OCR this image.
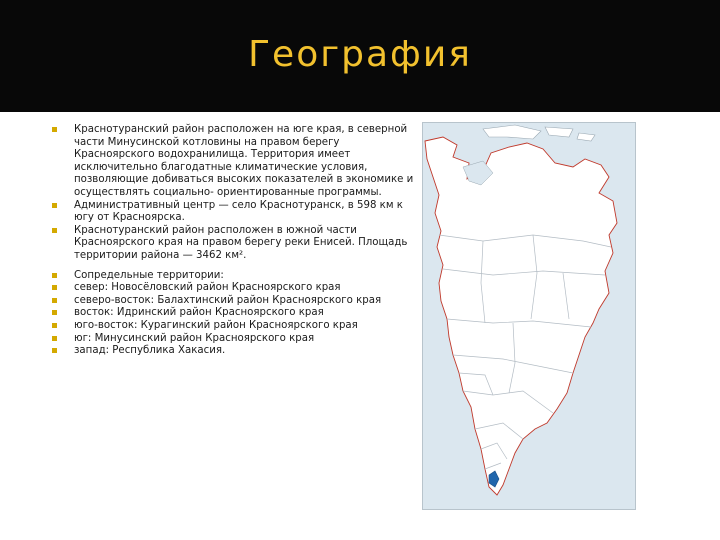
География
Краснотуранский район расположен на юге края, в северной части Минусинской котловины на правом берегу Красноярского водохранилища. Территория имеет исключительно благодатные климатические условия, позволяющие добиваться высоких показателей в экономике и осуществлять социально- ориентированные программы.
Административный центр — село Краснотуранск, в 598 км к югу от Красноярска.
Краснотуранский район расположен в южной части Красноярского края на правом берегу реки Енисей. Площадь территории района — 3462 км².
Сопредельные территории:
север: Новосёловский район Красноярского края
северо-восток: Балахтинский район Красноярского края
восток: Идринский район Красноярского края
юго-восток: Курагинский район Красноярского края
юг: Минусинский район Красноярского края
запад: Республика Хакасия.
